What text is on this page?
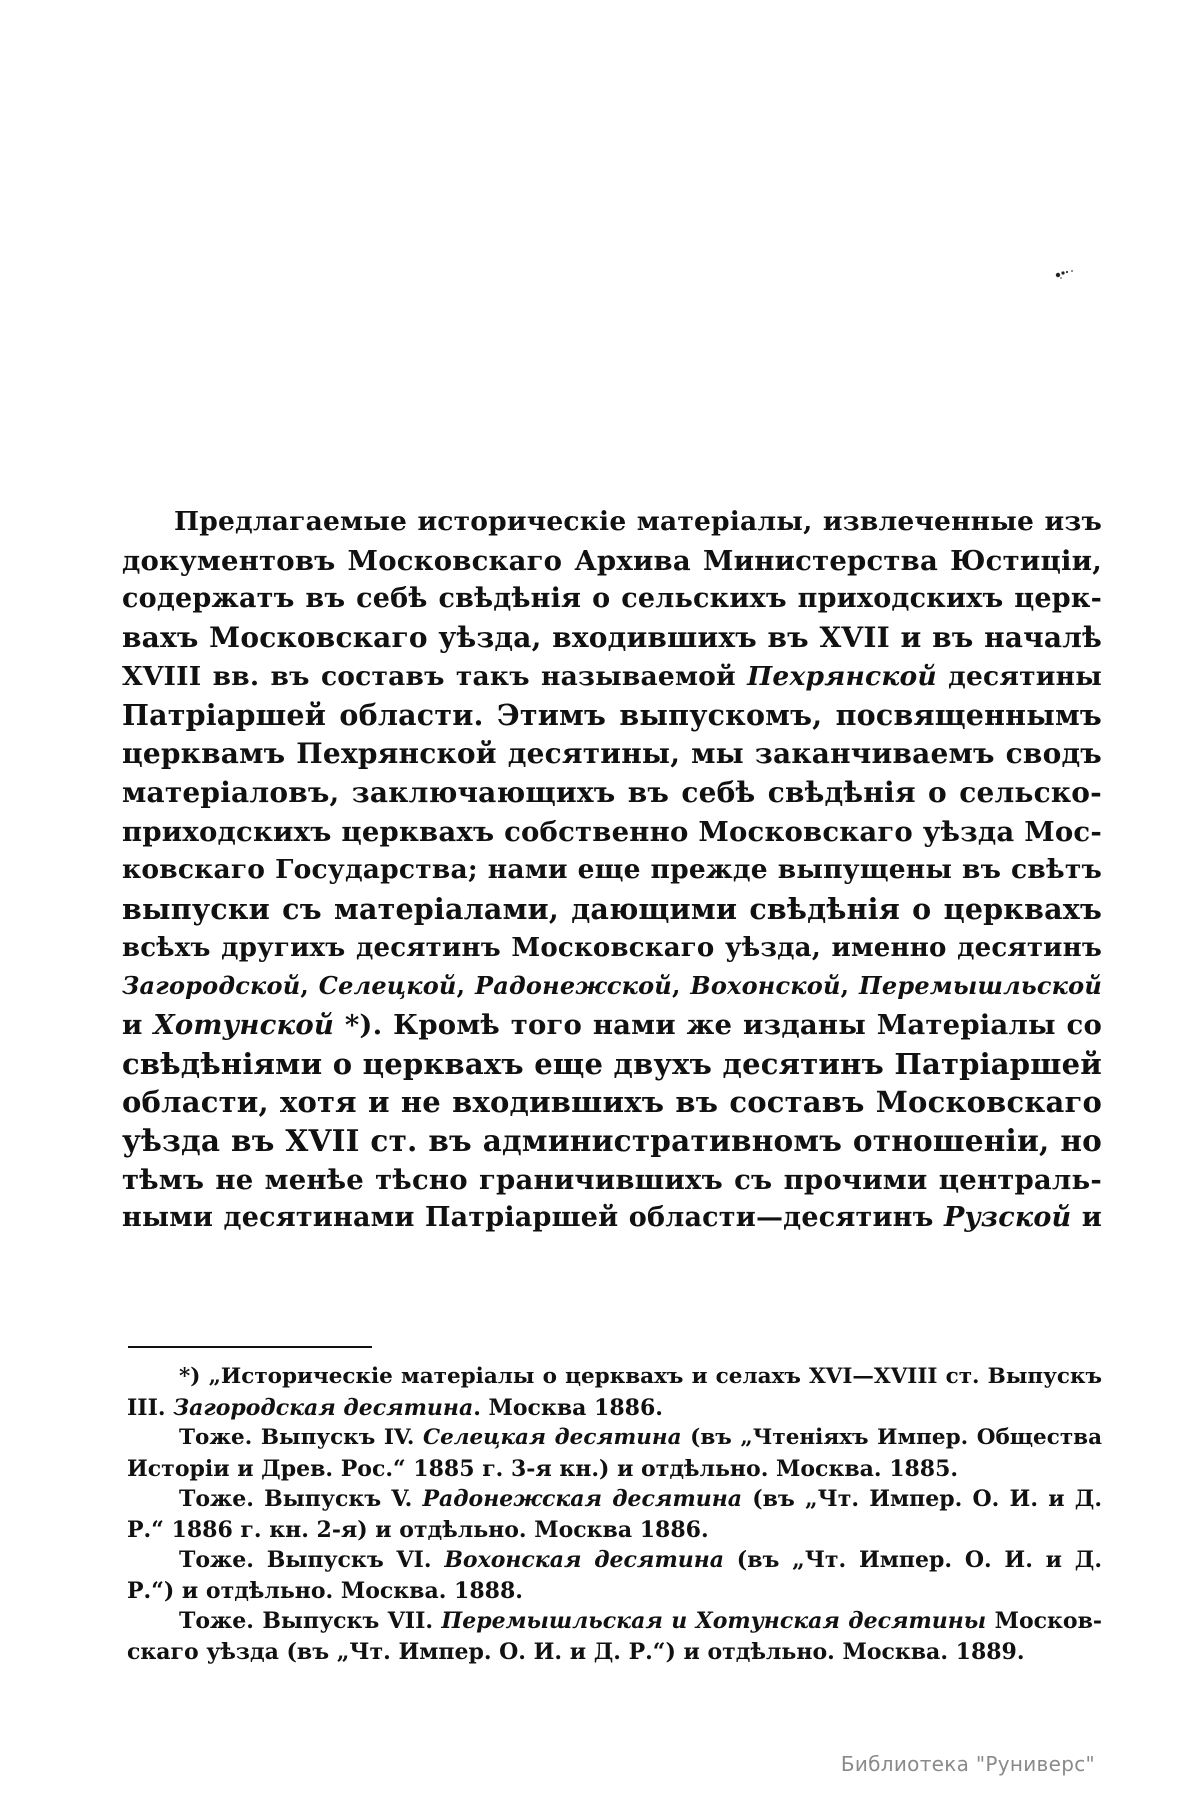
Предлагаемые историческіе матеріалы, извлеченные изъ
документовъ Московскаго Архива Министерства Юстиціи,
содержатъ въ себѣ свѣдѣнія о сельскихъ приходскихъ церк-
вахъ Московскаго уѣзда, входившихъ въ XVII и въ началѣ
XVIII вв. въ составъ такъ называемой Пехрянской десятины
Патріаршей области. Этимъ выпускомъ, посвященнымъ
церквамъ Пехрянской десятины, мы заканчиваемъ сводъ
матеріаловъ, заключающихъ въ себѣ свѣдѣнія о сельско-
приходскихъ церквахъ собственно Московскаго уѣзда Мос-
ковскаго Государства; нами еще прежде выпущены въ свѣтъ
выпуски съ матеріалами, дающими свѣдѣнія о церквахъ
всѣхъ другихъ десятинъ Московскаго уѣзда, именно десятинъ
Загородской, Селецкой, Радонежской, Вохонской, Перемышльской
и Хотунской *). Кромѣ того нами же изданы Матеріалы со
свѣдѣніями о церквахъ еще двухъ десятинъ Патріаршей
области, хотя и не входившихъ въ составъ Московскаго
уѣзда въ XVII ст. въ административномъ отношеніи, но
тѣмъ не менѣе тѣсно граничившихъ съ прочими централь-
ными десятинами Патріаршей области—десятинъ Рузской и
*) „Историческіе матеріалы о церквахъ и селахъ XVI—XVIII ст. Выпускъ
III. Загородская десятина. Москва 1886.
Тоже. Выпускъ IV. Селецкая десятина (въ „Чтеніяхъ Импер. Общества
Исторіи и Древ. Рос.“ 1885 г. 3-я кн.) и отдѣльно. Москва. 1885.
Тоже. Выпускъ V. Радонежская десятина (въ „Чт. Импер. О. И. и Д.
Р.“ 1886 г. кн. 2-я) и отдѣльно. Москва 1886.
Тоже. Выпускъ VI. Вохонская десятина (въ „Чт. Импер. О. И. и Д.
Р.“) и отдѣльно. Москва. 1888.
Тоже. Выпускъ VII. Перемышльская и Хотунская десятины Москов-
скаго уѣзда (въ „Чт. Импер. О. И. и Д. Р.“) и отдѣльно. Москва. 1889.
Библиотека "Руниверс"
